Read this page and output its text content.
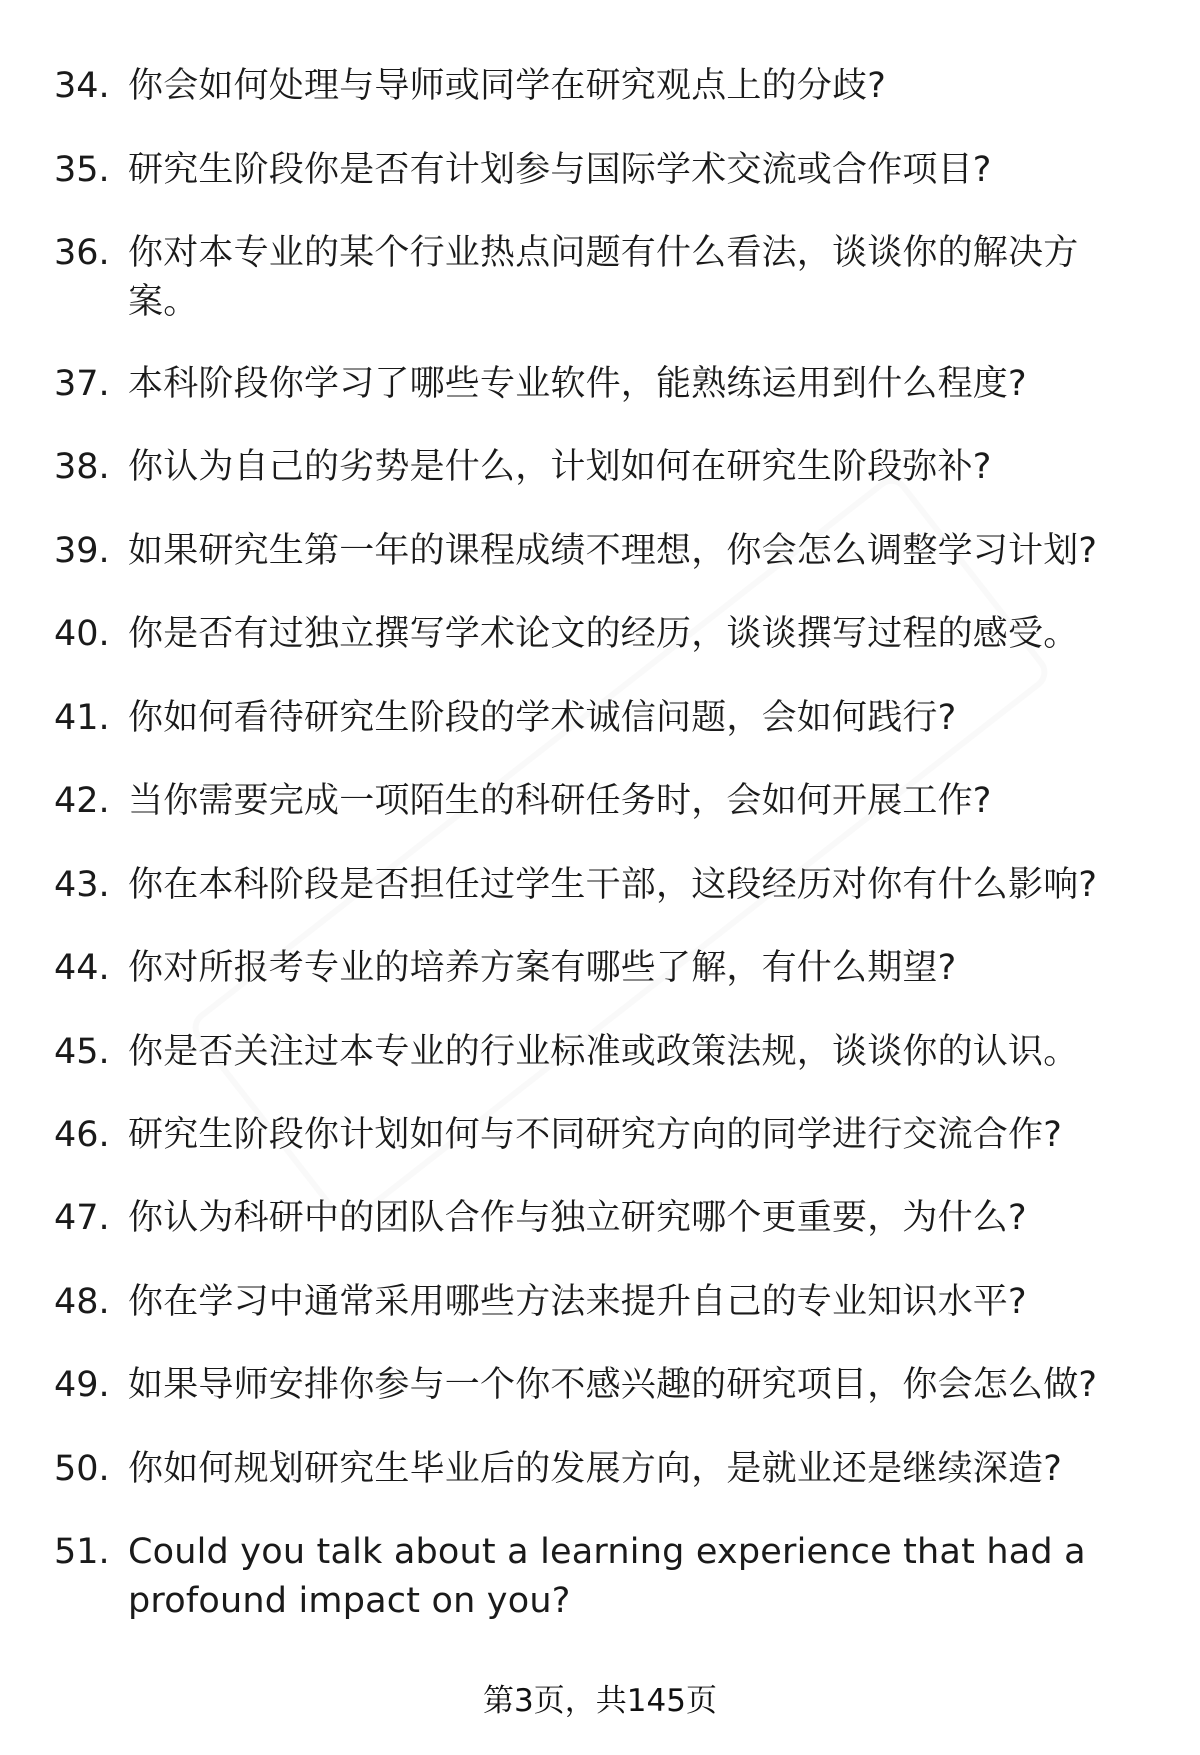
34. 你会如何处理与导师或同学在研究观点上的分歧?
35. 研究生阶段你是否有计划参与国际学术交流或合作项目?
36. 你对本专业的某个行业热点问题有什么看法，谈谈你的解决方案。
37. 本科阶段你学习了哪些专业软件，能熟练运用到什么程度?
38. 你认为自己的劣势是什么，计划如何在研究生阶段弥补?
39. 如果研究生第一年的课程成绩不理想，你会怎么调整学习计划?
40. 你是否有过独立撰写学术论文的经历，谈谈撰写过程的感受。
41. 你如何看待研究生阶段的学术诚信问题，会如何践行?
42. 当你需要完成一项陌生的科研任务时，会如何开展工作?
43. 你在本科阶段是否担任过学生干部，这段经历对你有什么影响?
44. 你对所报考专业的培养方案有哪些了解，有什么期望?
45. 你是否关注过本专业的行业标准或政策法规，谈谈你的认识。
46. 研究生阶段你计划如何与不同研究方向的同学进行交流合作?
47. 你认为科研中的团队合作与独立研究哪个更重要，为什么?
48. 你在学习中通常采用哪些方法来提升自己的专业知识水平?
49. 如果导师安排你参与一个你不感兴趣的研究项目，你会怎么做?
50. 你如何规划研究生毕业后的发展方向，是就业还是继续深造?
51. Could you talk about a learning experience that had a profound impact on you?
第3页，共145页
